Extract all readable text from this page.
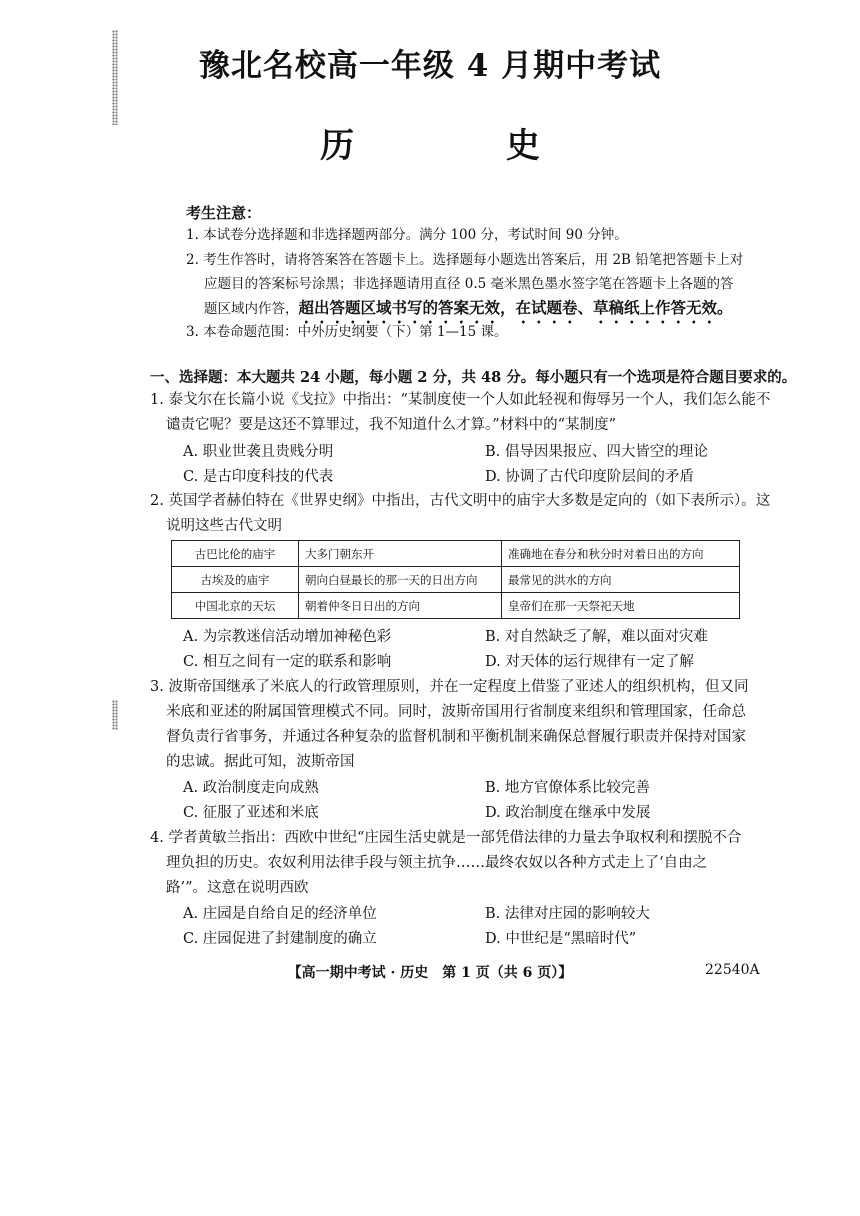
豫北名校高一年级 4 月期中考试
历 史
考生注意：
1. 本试卷分选择题和非选择题两部分。满分 100 分，考试时间 90 分钟。
2. 考生作答时，请将答案答在答题卡上。选择题每小题选出答案后，用 2B 铅笔把答题卡上对
应题目的答案标号涂黑；非选择题请用直径 0.5 毫米黑色墨水签字笔在答题卡上各题的答
题区域内作答，超出答题区域书写的答案无效，在试题卷、草稿纸上作答无效。
3. 本卷命题范围：中外历史纲要（下）第 1—15 课。
一、选择题：本大题共 24 小题，每小题 2 分，共 48 分。每小题只有一个选项是符合题目要求的。
1. 泰戈尔在长篇小说《戈拉》中指出：“某制度使一个人如此轻视和侮辱另一个人，我们怎么能不
谴责它呢？要是这还不算罪过，我不知道什么才算。”材料中的“某制度”
A. 职业世袭且贵贱分明	B. 倡导因果报应、四大皆空的理论
C. 是古印度科技的代表	D. 协调了古代印度阶层间的矛盾
2. 英国学者赫伯特在《世界史纲》中指出，古代文明中的庙宇大多数是定向的（如下表所示）。这
说明这些古代文明
古巴比伦的庙宇	大多门朝东开	准确地在春分和秋分时对着日出的方向
古埃及的庙宇	朝向白昼最长的那一天的日出方向	最常见的洪水的方向
中国北京的天坛	朝着仲冬日日出的方向	皇帝们在那一天祭祀天地
A. 为宗教迷信活动增加神秘色彩	B. 对自然缺乏了解，难以面对灾难
C. 相互之间有一定的联系和影响	D. 对天体的运行规律有一定了解
3. 波斯帝国继承了米底人的行政管理原则，并在一定程度上借鉴了亚述人的组织机构，但又同
米底和亚述的附属国管理模式不同。同时，波斯帝国用行省制度来组织和管理国家，任命总
督负责行省事务，并通过各种复杂的监督机制和平衡机制来确保总督履行职责并保持对国家
的忠诚。据此可知，波斯帝国
A. 政治制度走向成熟	B. 地方官僚体系比较完善
C. 征服了亚述和米底	D. 政治制度在继承中发展
4. 学者黄敏兰指出：西欧中世纪“庄园生活史就是一部凭借法律的力量去争取权利和摆脱不合
理负担的历史。农奴利用法律手段与领主抗争……最终农奴以各种方式走上了‘自由之
路’”。这意在说明西欧
A. 庄园是自给自足的经济单位	B. 法律对庄园的影响较大
C. 庄园促进了封建制度的确立	D. 中世纪是“黑暗时代”
【高一期中考试 · 历史　第 1 页（共 6 页）】	22540A
